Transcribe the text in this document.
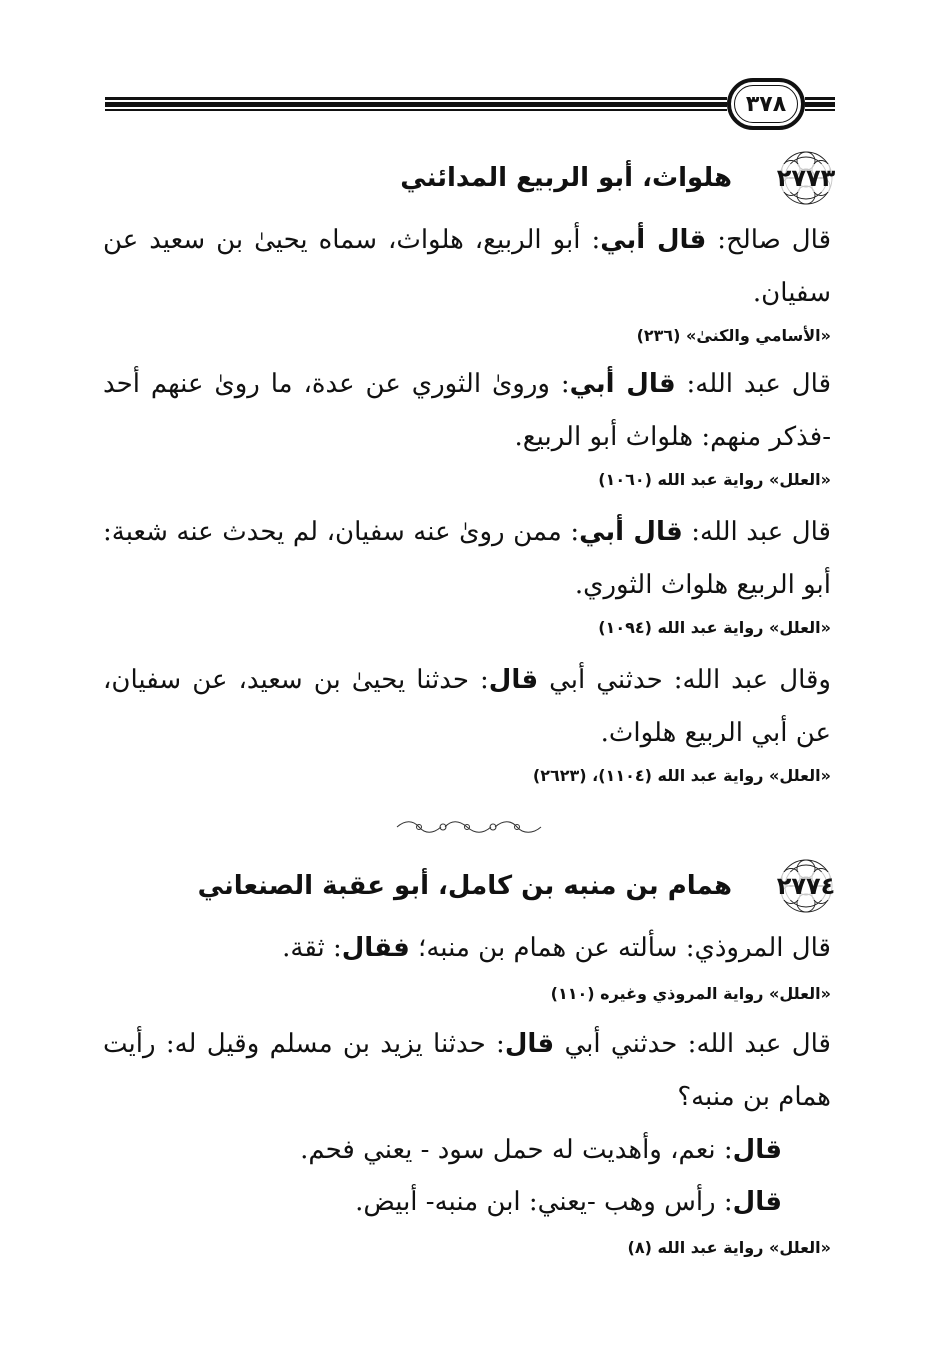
٣٧٨
٢٧٧٣
هلواث، أبو الربيع المدائني
قال صالح: قال أبي: أبو الربيع، هلواث، سماه يحيىٰ بن سعيد عن سفيان.
«الأسامي والكنىٰ» (٢٣٦)
قال عبد الله: قال أبي: ورویٰ الثوري عن عدة، ما رویٰ عنهم أحد -فذكر منهم: هلواث أبو الربيع.
«العلل» رواية عبد الله (١٠٦٠)
قال عبد الله: قال أبي: ممن رویٰ عنه سفيان، لم يحدث عنه شعبة: أبو الربيع هلواث الثوري.
«العلل» رواية عبد الله (١٠٩٤)
وقال عبد الله: حدثني أبي قال: حدثنا يحيىٰ بن سعيد، عن سفيان، عن أبي الربيع هلواث.
«العلل» رواية عبد الله (١١٠٤)، (٢٦٢٣)
٢٧٧٤
همام بن منبه بن كامل، أبو عقبة الصنعاني
قال المروذي: سألته عن همام بن منبه؛ فقال: ثقة.
«العلل» رواية المروذي وغيره (١١٠)
قال عبد الله: حدثني أبي قال: حدثنا يزيد بن مسلم وقيل له: رأيت همام بن منبه؟
قال: نعم، وأهديت له حمل سود - يعني فحم.
قال: رأس وهب -يعني: ابن منبه- أبيض.
«العلل» رواية عبد الله (٨)
